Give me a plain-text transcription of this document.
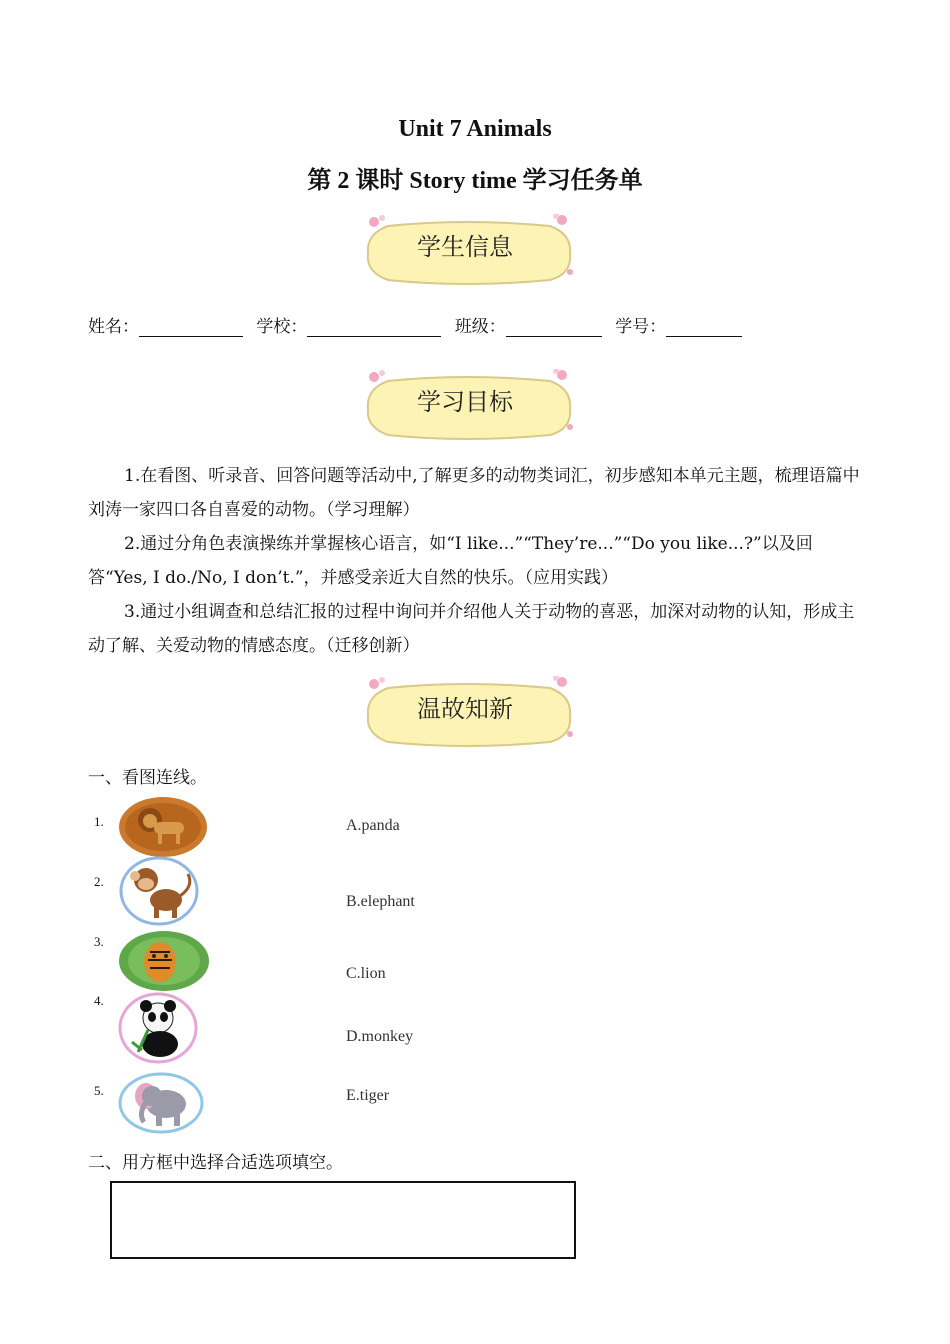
Unit 7 Animals
第 2 课时 Story time 学习任务单
学生信息
姓名：	学校：	班级：	学号：
学习目标
1.在看图、听录音、回答问题等活动中,了解更多的动物类词汇，初步感知本单元主题，梳理语篇中刘涛一家四口各自喜爱的动物。（学习理解）
2.通过分角色表演操练并掌握核心语言，如“I like...”“They’re...”“Do you like...?”以及回答“Yes, I do./No, I don’t.”，并感受亲近大自然的快乐。（应用实践）
3.通过小组调查和总结汇报的过程中询问并介绍他人关于动物的喜恶，加深对动物的认知，形成主动了解、关爱动物的情感态度。（迁移创新）
温故知新
一、看图连线。
1.
2.
3.
4.
5.
A.panda
B.elephant
C.lion
D.monkey
E.tiger
二、用方框中选择合适选项填空。
